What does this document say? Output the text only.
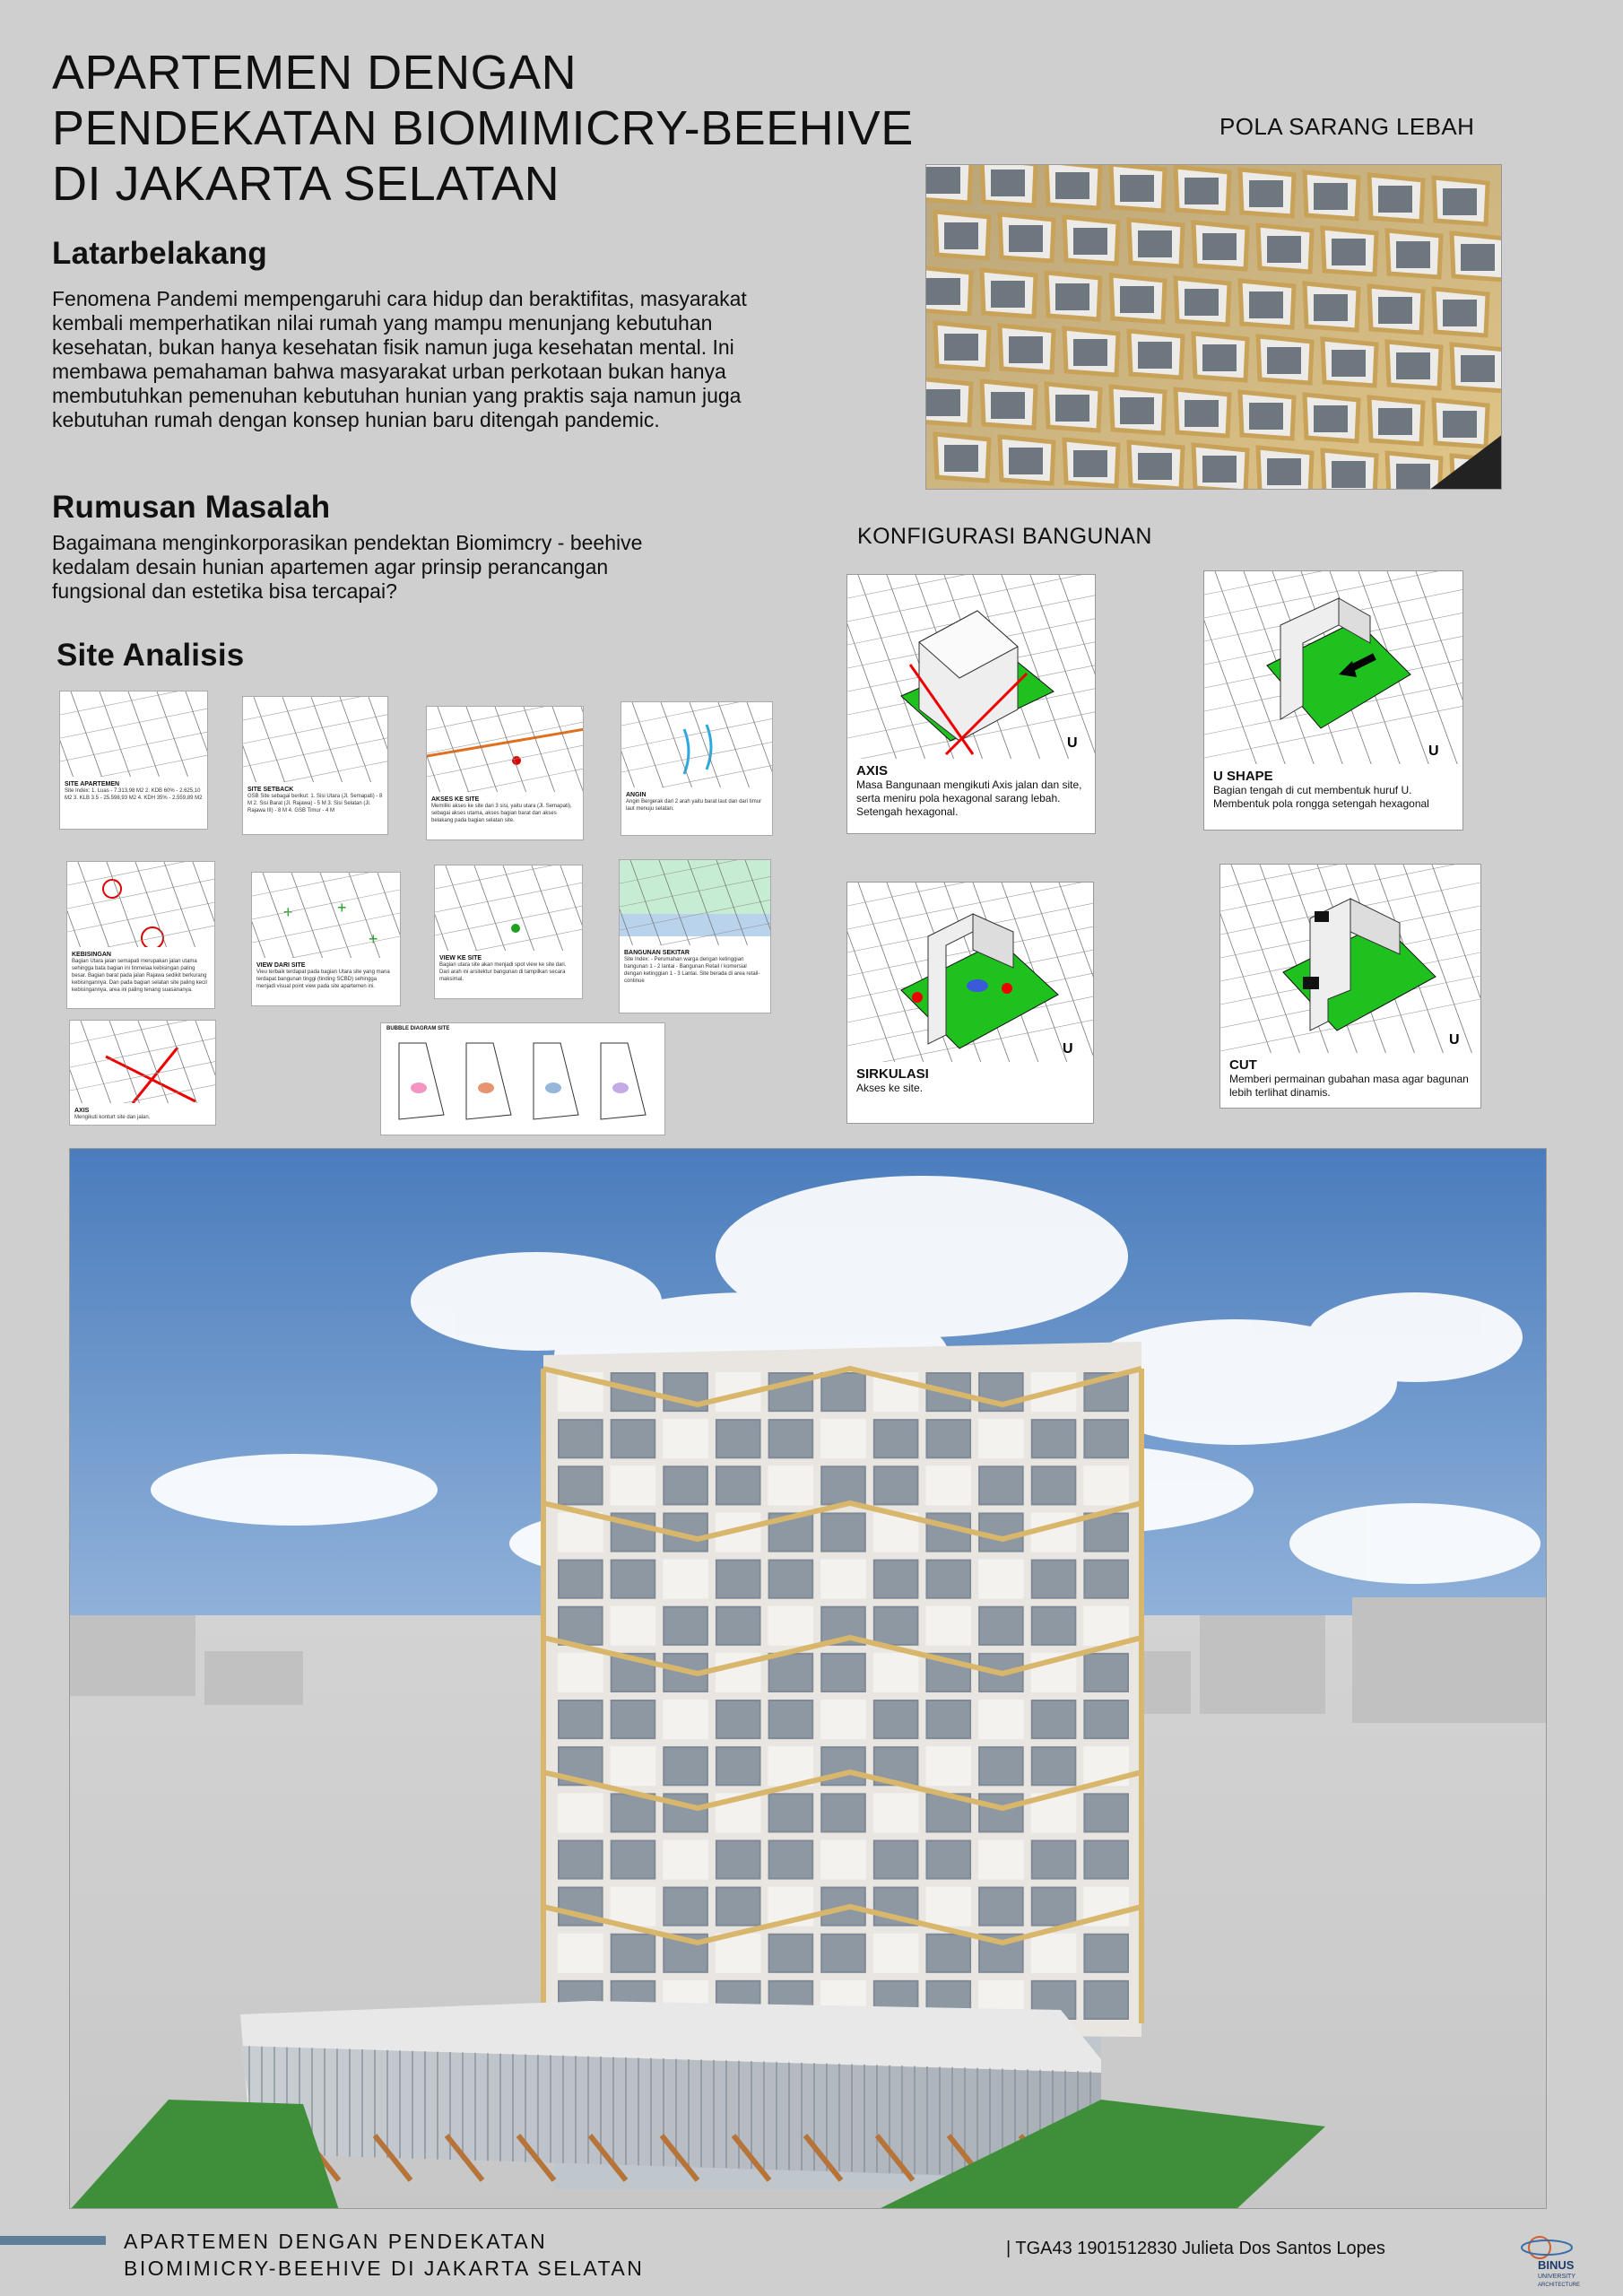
APARTEMEN DENGAN
PENDEKATAN BIOMIMICRY-BEEHIVE
DI JAKARTA SELATAN
Latarbelakang
Fenomena Pandemi mempengaruhi cara hidup dan beraktifitas, masyarakat kembali memperhatikan nilai rumah yang mampu menunjang kebutuhan kesehatan, bukan hanya kesehatan fisik namun juga kesehatan mental. Ini membawa pemahaman bahwa masyarakat urban perkotaan bukan hanya membutuhkan pemenuhan kebutuhan hunian yang praktis saja namun juga kebutuhan rumah dengan konsep hunian baru ditengah pandemic.
Rumusan Masalah
Bagaimana menginkorporasikan pendektan Biomimcry - beehive kedalam desain hunian apartemen agar prinsip perancangan fungsional dan estetika bisa tercapai?
POLA SARANG LEBAH
KONFIGURASI BANGUNAN
U
AXIS
Masa Bangunaan mengikuti Axis jalan dan site, serta meniru pola hexagonal sarang lebah. Setengah hexagonal.
U
U SHAPE
Bagian tengah di cut membentuk huruf U. Membentuk pola rongga setengah hexagonal
U
SIRKULASI
Akses ke site.
U
CUT
Memberi permainan gubahan masa agar bagunan lebih terlihat dinamis.
Site Analisis
SITE APARTEMEN
Site Index: 1. Luas - 7.313,98 M2 2. KDB 60% - 2.625,10 M2 3. KLB 3.5 - 25.598,93 M2 4. KDH 35% - 2.559,89 M2
SITE SETBACK
GSB Site sebagai berikut: 1. Sisi Utara (Jl. Semapati) - 8 M 2. Sisi Barat (Jl. Rajawa) - 5 M 3. Sisi Selatan (Jl. Rajawa III) - 8 M 4. GSB Timur - 4 M
AKSES KE SITE
Memiliki akses ke site dari 3 sisi, yaitu utara (Jl. Semapati), sebagai akses utama, akses bagian barat dan akses belakang pada bagian selatan site.
ANGIN
Angin Bergerak dari 2 arah yaitu barat laut dan dari timur laut menuju selatan.
KEBISINGAN
Bagian Utara jalan semapati merupakan jalan utama sehingga bata bagian ini tinmelaa kebisingan paling besar. Bagian barat pada jalan Rajawa sedikit berkurang kebisingannya. Dan pada bagian selatan site paling kecil kebisingannya, area ini paling tenang suasananya.
+	+
+
VIEW DARI SITE
Vieu terbaik terdapat pada bagian Utara site yang mana terdapat bangunan tinggi (tinding SCBD) sehingga menjadi visual point view pada site apartemen ini.
VIEW KE SITE
Bagian utara site akan menjadi spot view ke site dari. Dari arah ini arsitektur bangunan di tampilkan secara maksimal.
BANGUNAN SEKITAR
Site Index: - Perumahan warga dengan ketinggian bangunan 1 - 2 lantai - Bangunan Retail / komersial dengan ketinggian 1 - 3 Lantai. Site berada di area retail-continue
AXIS
Mengikuti konturt site dan jalan.
BUBBLE DIAGRAM SITE
APARTEMEN DENGAN PENDEKATAN
BIOMIMICRY-BEEHIVE DI JAKARTA SELATAN
| TGA43 1901512830 Julieta Dos Santos Lopes
BINUS
UNIVERSITY
ARCHITECTURE
